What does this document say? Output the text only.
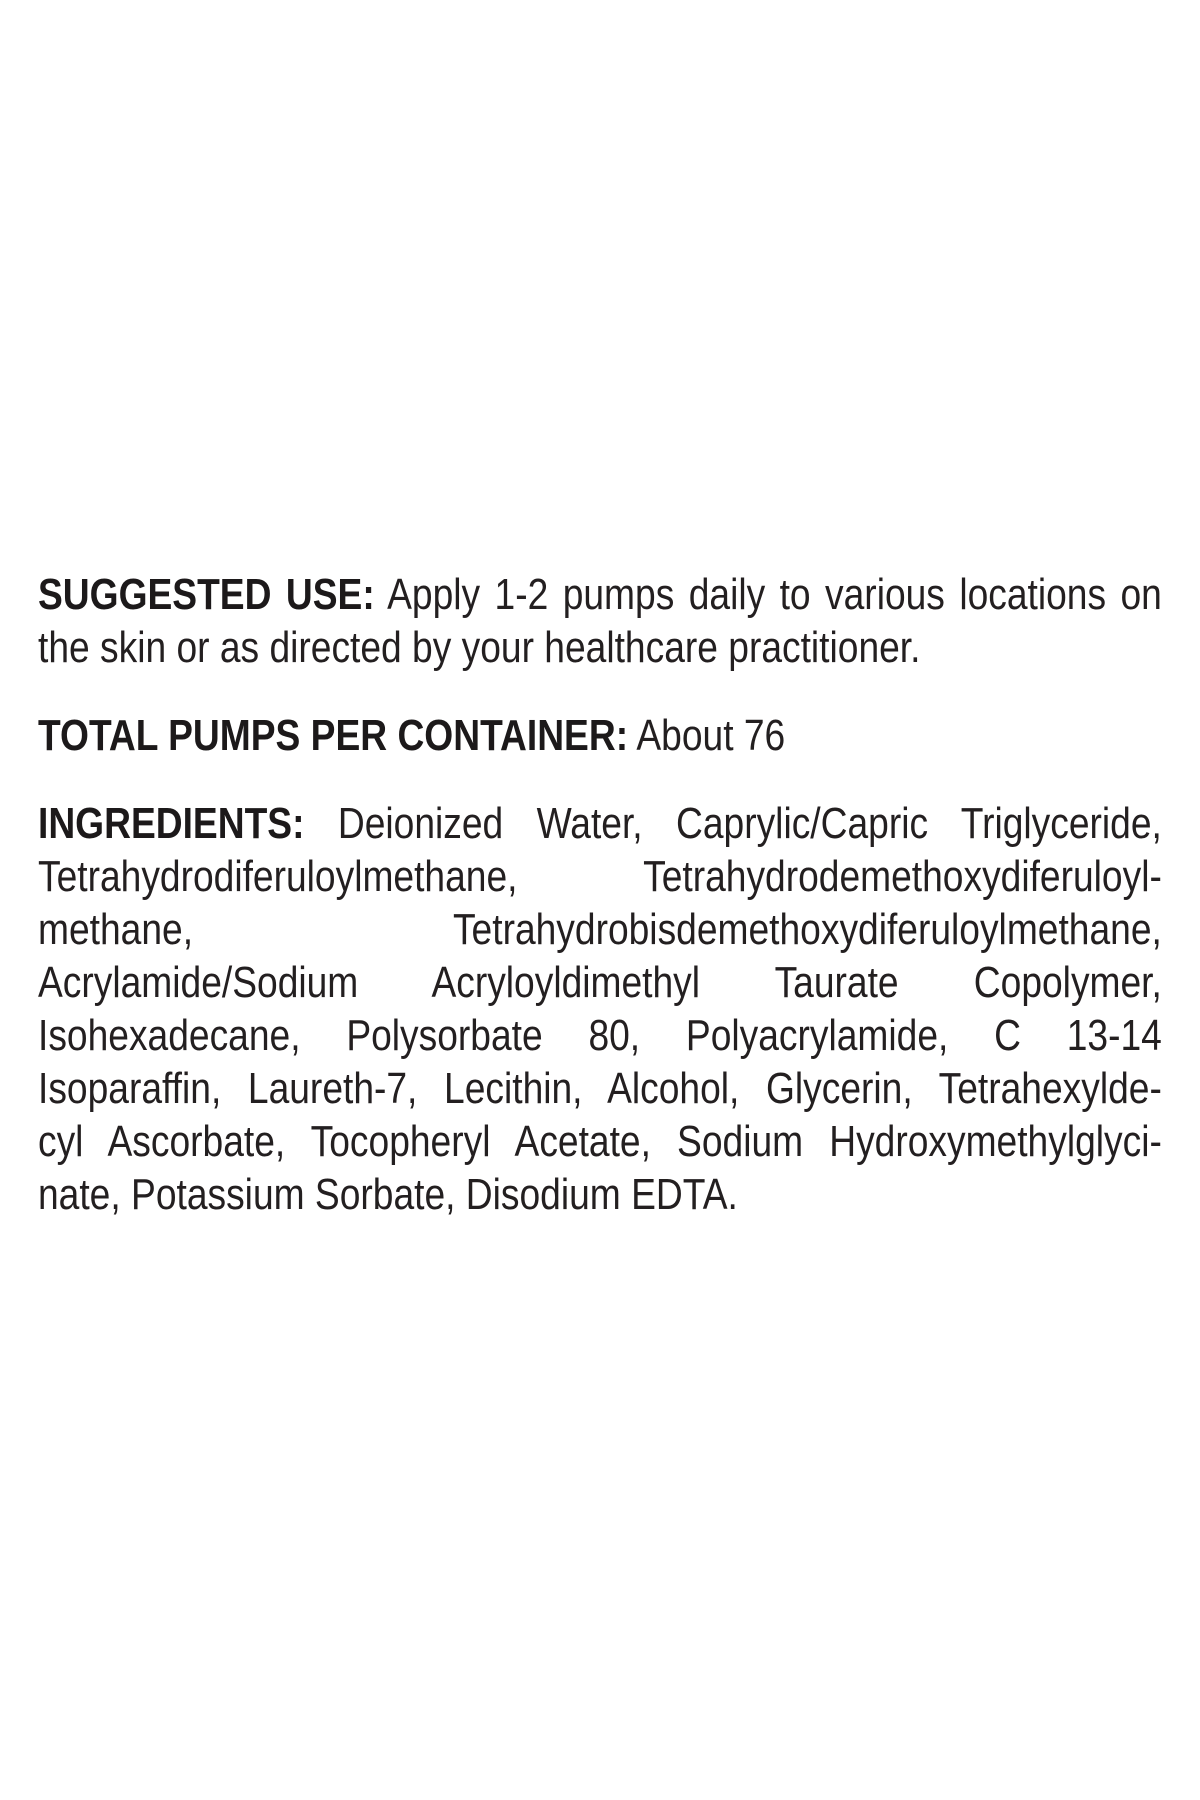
SUGGESTED USE: Apply 1-2 pumps daily to various locations on
the skin or as directed by your healthcare practitioner.
TOTAL PUMPS PER CONTAINER: About 76
INGREDIENTS: Deionized Water, Caprylic/Capric Triglyceride,
Tetrahydrodiferuloylmethane, Tetrahydrodemethoxydiferuloyl-
methane, Tetrahydrobisdemethoxydiferuloylmethane,
Acrylamide/Sodium Acryloyldimethyl Taurate Copolymer,
Isohexadecane, Polysorbate 80, Polyacrylamide, C 13-14
Isoparaffin, Laureth-7, Lecithin, Alcohol, Glycerin, Tetrahexylde-
cyl Ascorbate, Tocopheryl Acetate, Sodium Hydroxymethylglyci-
nate, Potassium Sorbate, Disodium EDTA.
